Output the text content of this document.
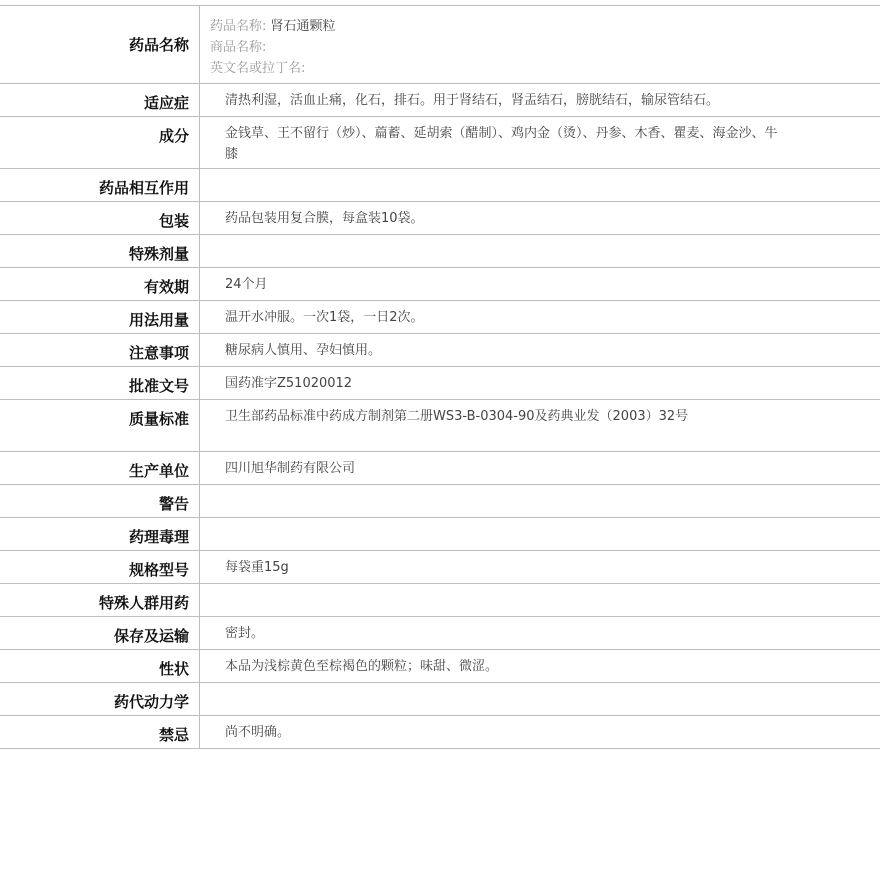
药品名称
药品名称: 肾石通颗粒
商品名称:
英文名或拉丁名:
适应症	清热利湿，活血止痛，化石，排石。用于肾结石，肾盂结石，膀胱结石，输尿管结石。
成分	金钱草、王不留行（炒）、萹蓄、延胡索（醋制）、鸡内金（烫）、丹参、木香、瞿麦、海金沙、牛膝
药品相互作用
包装	药品包装用复合膜，每盒装10袋。
特殊剂量
有效期	24个月
用法用量	温开水冲服。一次1袋，一日2次。
注意事项	糖尿病人慎用、孕妇慎用。
批准文号	国药准字Z51020012
质量标准	卫生部药品标准中药成方制剂第二册WS3-B-0304-90及药典业发（2003）32号
生产单位	四川旭华制药有限公司
警告
药理毒理
规格型号	每袋重15g
特殊人群用药
保存及运输	密封。
性状	本品为浅棕黄色至棕褐色的颗粒；味甜、微涩。
药代动力学
禁忌	尚不明确。
